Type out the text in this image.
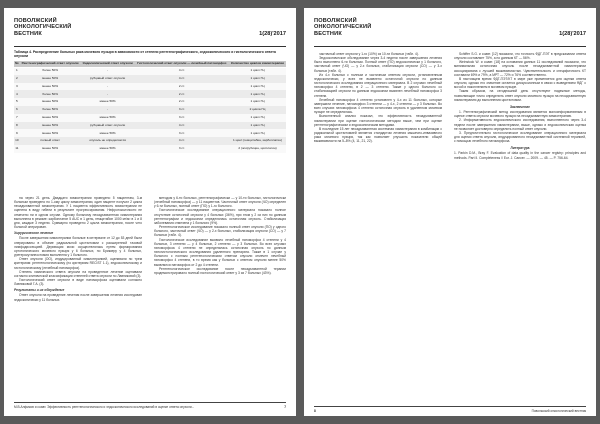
ПОВОЛЖСКИЙ
ОНКОЛОГИЧЕСКИЙ
ВЕСТНИК	1(28)'2017
Таблица 4. Распределение больных рака мочевого пузыря в зависимости от степени рентгенографического, эндоскопического и гистологического ответа опухоли
№	Рентгенографический ответ опухоли	Эндоскопический ответ опухоли	Гистологический ответ опухоли — лечебный патоморфоз	Количество циклов химиотерапии
1	более 50%	-	4 ст.	1 цикл ГЦ
2	менее 50%	рубцовый ответ опухоли	4 ст.	1 цикл ГЦ
3	менее 50%	-	2 ст.	1 цикл ГЦ
4	более 50%	-	2 ст.	1 цикл ГЦ
5	менее 50%	менее 50%	2 ст.	1 цикл ГЦ
6	более 50%	-	3 ст.	2 цикла ГЦ
7	менее 50%	менее 50%	3 ст.	1 цикл ГЦ
8	менее 50%	рубцовый ответ опухоли	4 ст.	1 цикл ГЦ
9	менее 50%	менее 50%	3 ст.	1 цикл ГЦ
10	полный ответ	опухоль не определяется	4 ст.	1 цикл (гемцитабин, карбоплатин)
11	менее 50%	менее 50%	3 ст.	2 (эпирубицин, цисплатин)

на через 21 день. Двадцати химиотерапии проведено 5 пациентам, 3-м больным проведено по 1-ому циклу химиотерапии, один пациент получил 2 цикла неоадъювантной химиотерапии. У 1 пациента эффективность химиотерапии не оценена в виду гибели в результате прогрессирования. Нефротоксичности не отмечено ни в одном случае. Одному больному неоадъювантная химиотерапия выполнена в режиме: карбоплатин 5 AUC в 1 день, гемцитабин 1000 мг/м² в 1 и 8 дни, каждые 3 недели. Суммарно проведено 2 цикла химиотерапии, после чего больной оперирован.

Хирургическое лечение

После завершения химиотерапии больные в интервале от 12 до 53 дней были оперированы в объеме радикальной цистэктомии с расширенной тазовой лимфодиссекцией. Деривация мочи осуществлялась путем формирования ортотопического мочевого пузыря у 6 больных, по Бриккеру у 4 больных, уретерокутанеостомия выполнена у 1 больного.

Ответ опухоли (ОО), индуцированный химиотерапией, оценивали по трем критериям: рентгенологическому (по критериям RECIST 1.1), эндоскопическому и гистологическому (лечебный патоморфоз).

Степень химического ответа опухоли на проведенное лечение оценивали согласно клинической классификации степеней ответа опухоли по Лавниковой (3).

Гистологический ответ опухоли в виде патоморфоза оценивали согласно Лавниковой Г.А. (3).

Результаты и их обсуждение

Ответ опухоли на проведение лечения после завершения лечения исследован эндоскопически у 11 больных.

методом у 6-ти больных, рентгенографически — у 10-ти больных, гистологически (лечебный патоморфоз) — у 11 пациентов. Частичный ответ опухоли (ЧО) определен у 6-ти больных, полный ответ (ПО) у 1-го больного.

Гистологическое исследование операционного материала показало полное отсутствие остаточной опухоли у 4 больных (36%), при этом у 2 из них по данным рентгенографии и эндоскопии определялась остаточная опухоль. Стабилизация заболевания отмечена у 1 больного (9%).

Рентгенологическое исследование показало полный ответ опухоли (ПО) у одного больного, частичный ответ (ЧО) — у 2-х больных, стабилизация опухоли (СО) — у 7 больных (табл. 4).

Гистологическое исследование выявило лечебный патоморфоз 4 степени у 4 больных, 3 степени — у 4 больных, 2 степени — у 3 больных. Во всех случаях патоморфоза 4 степени не определялась остаточная опухоль по данным патогистологического исследования удаленного препарата. Также в 1 случае у больного с полным рентгенологическим ответом опухоли отмечен лечебный патоморфоз 4 степени, в то время как у больных с ответом опухоли менее 50% выявлялся патоморфоз от 2 до 4 степени.

Рентгенологическое исследование после неоадъювантной терапии продемонстрировало полный гистологический ответ у 3 из 7 больных (43%).

М.В.Алфиков и соавт. Эффективность рентгенологического и эндоскопического исследований в оценке ответа опухоли...	7
ПОВОЛЖСКИЙ
ОНКОЛОГИЧЕСКИЙ
ВЕСТНИК	1(28)'2017

частичный ответ опухоли у 1-го (10%) из 10-ти больных (табл. 4).

Эндоскопическое обследование через 3-4 недели после завершения лечения было выполнено 6-ти больным. Полный ответ (ПО) эндоскопически у 1 больного, частичный ответ (ЧО) — у 2-х больных, стабилизация опухоли (СО) — у 3-х больных (табл. 4).

Из 4-х больных с полным и частичным ответом опухоли, установленным эндоскопически, у всех не выявлено остаточной опухоли по данным гистологического исследования операционного материала. В 2 случаях лечебный патоморфоз 4 степени, в 2 — 3 степени. Также у одного больного со стабилизацией опухоли по данным эндоскопии выявлен лечебный патоморфоз 3 степени.

Лечебный патоморфоз 4 степени установлен у 4-х из 11 больных, которые завершили лечение, патоморфоз 3 степени — у 4-х, 2 степени — у 3 больных. Во всех случаях патоморфоза 4 степени остаточная опухоль в удаленном мочевом пузыре не определялась.

Выполненный анализ показал, что эффективность неоадъювантной химиотерапии при оценке гистологическим методом выше, чем при оценке рентгенографическим и эндоскопическим методами.

В последние 15 лет неоадъювантная системная химиотерапия в комбинации с радикальной цистэктомией является стандартом лечения мышечно-инвазивного рака мочевого пузыря, так как позволяет улучшить показатели общей выживаемости на 5–8% (4, 11, 21, 22).

Schiffer S.G. и соавт. [12] показали, что точность ФДГ-ПЭТ в предсказании ответа опухоли составляет 75%, а по данным КТ — 56%.

Weinstock W. и соавт. [18] на основании данных 11 исследований показали, что минимальная остаточная опухоль после неоадъювантной химиотерапии ассоциирована с лучшей выживаемостью. Чувствительность и специфичность КТ составили 69% и 79%, а МРТ — 72% и 76% соответственно.

В настоящем время ФДГ-ПЭТ/КТ в мире уже применяется для оценки ответа опухоли, однако его значение остается дискуссионным в связи с выведением ФДГ с мочой и накоплением в мочевом пузыре.

Таким образом, на сегодняшний день отсутствуют надежные методы, позволяющие точно определить ответ опухоли мочевого пузыря на неоадъювантную химиотерапию до выполнения цистэктомии.

Заключение

1. Рентгенографический метод исследования является малоинформативным в оценке ответа опухоли мочевого пузыря на неоадъювантную химиотерапию.

2. Информативность эндоскопического исследования, выполненного через 3-4 недели после завершения химиотерапии, выше, однако и эндоскопическая оценка не позволяет достоверно определить полный ответ опухоли.

3. Предпочтительно гистологическое исследование операционного материала для оценки ответа опухоли, индуцированного неоадъювантной системной терапией, с помощью лечебного патоморфоза.

Литература

1. Parkin D.M., Bray F. Evaluation of data quality in the cancer registry: principles and methods. Part II. Completeness // Eur. J. Cancer. — 2009. — 45. — P. 756-64.

8	Поволжский онкологический вестник
